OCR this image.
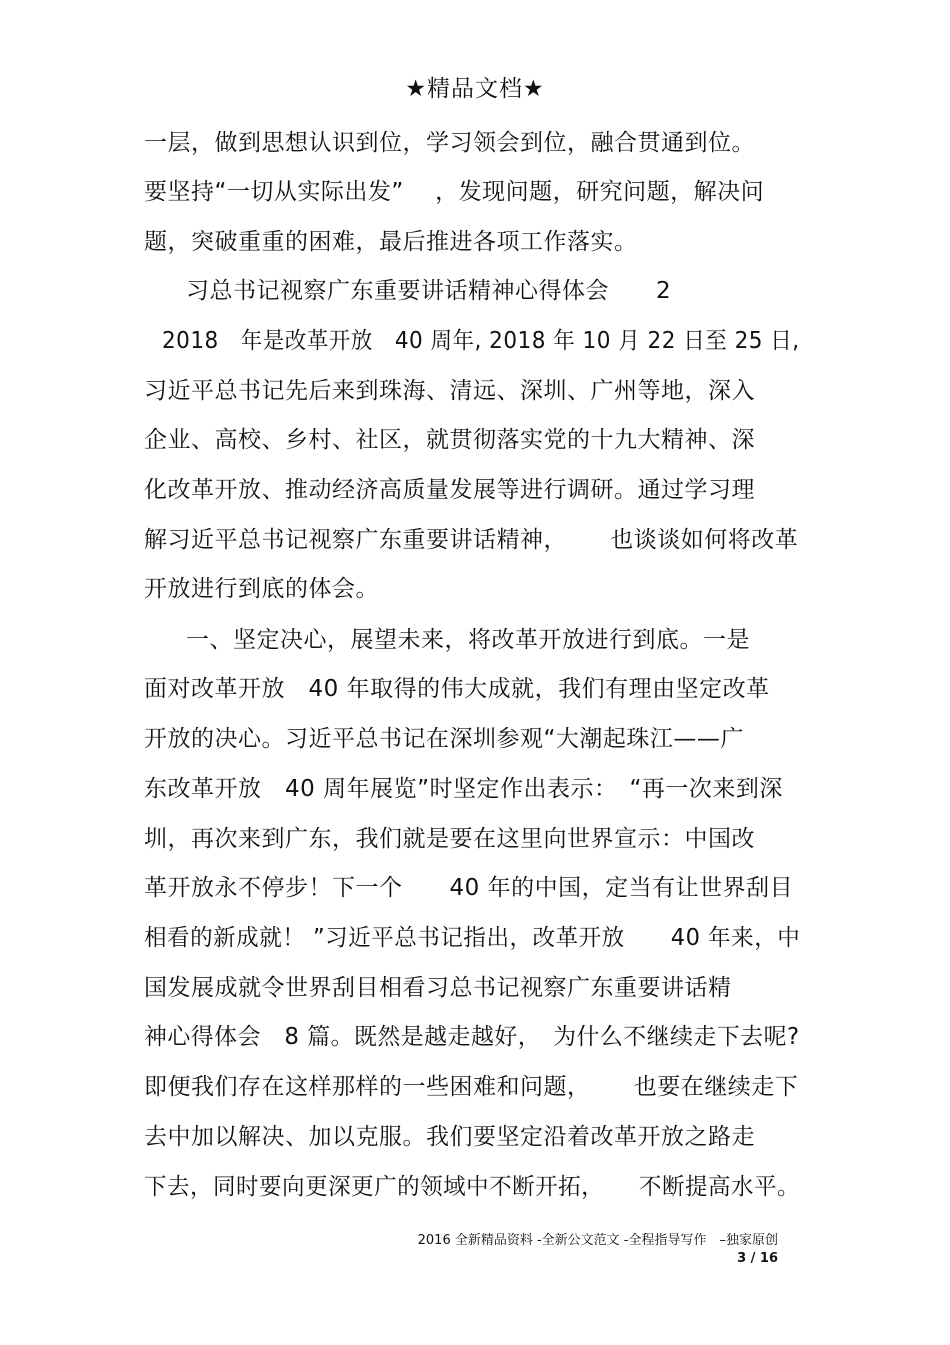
★精品文档★
一层，做到思想认识到位，学习领会到位，融合贯通到位。
要坚持“一切从实际出发”　 ，发现问题，研究问题，解决问
题，突破重重的困难，最后推进各项工作落实。
习总书记视察广东重要讲话精神心得体会　　2
2018　年是改革开放　40 周年, 2018 年 10 月 22 日至 25 日,
习近平总书记先后来到珠海、清远、深圳、广州等地，深入
企业、高校、乡村、社区，就贯彻落实党的十九大精神、深
化改革开放、推动经济高质量发展等进行调研。通过学习理
解习近平总书记视察广东重要讲话精神，　　 也谈谈如何将改革
开放进行到底的体会。
一、坚定决心，展望未来，将改革开放进行到底。一是
面对改革开放　40 年取得的伟大成就，我们有理由坚定改革
开放的决心。习近平总书记在深圳参观“大潮起珠江——广
东改革开放　40 周年展览”时坚定作出表示：　“再一次来到深
圳，再次来到广东，我们就是要在这里向世界宣示：中国改
革开放永不停步！下一个　　40 年的中国，定当有让世界刮目
相看的新成就！ ”习近平总书记指出，改革开放　　40 年来，中
国发展成就令世界刮目相看习总书记视察广东重要讲话精
神心得体会　8 篇。既然是越走越好，　为什么不继续走下去呢?
即便我们存在这样那样的一些困难和问题，　　 也要在继续走下
去中加以解决、加以克服。我们要坚定沿着改革开放之路走
下去，同时要向更深更广的领域中不断开拓，　　不断提高水平。
2016 全新精品资料 -全新公文范文 -全程指导写作　–独家原创
3 / 16
